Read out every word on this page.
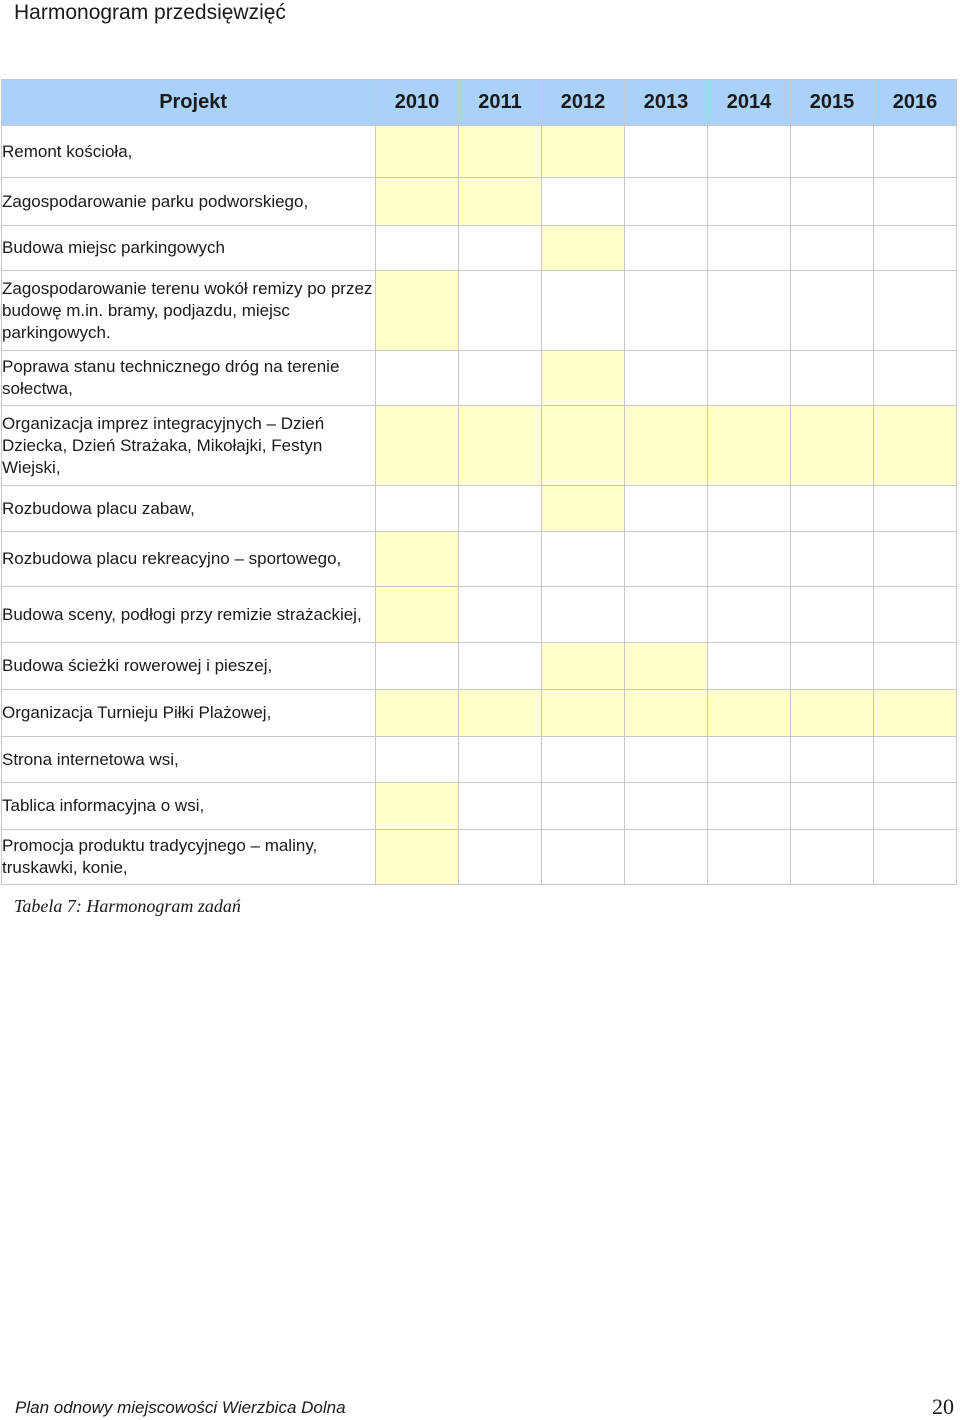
Harmonogram przedsięwzięć
Projekt	2010	2011	2012	2013	2014	2015	2016
Remont kościoła,							
Zagospodarowanie parku podworskiego,							
Budowa miejsc parkingowych							
Zagospodarowanie terenu wokół remizy po przez budowę m.in. bramy, podjazdu, miejsc parkingowych.							
Poprawa stanu technicznego dróg na terenie sołectwa,							
Organizacja imprez integracyjnych – Dzień Dziecka, Dzień Strażaka, Mikołajki, Festyn Wiejski,							
Rozbudowa placu zabaw,							
Rozbudowa placu rekreacyjno – sportowego,							
Budowa sceny, podłogi przy remizie strażackiej,							
Budowa ścieżki rowerowej i pieszej,							
Organizacja Turnieju Piłki Plażowej,							
Strona internetowa wsi,							
Tablica informacyjna o wsi,							
Promocja produktu tradycyjnego – maliny, truskawki, konie,							
Tabela 7: Harmonogram zadań
Plan odnowy miejscowości Wierzbica Dolna	20
